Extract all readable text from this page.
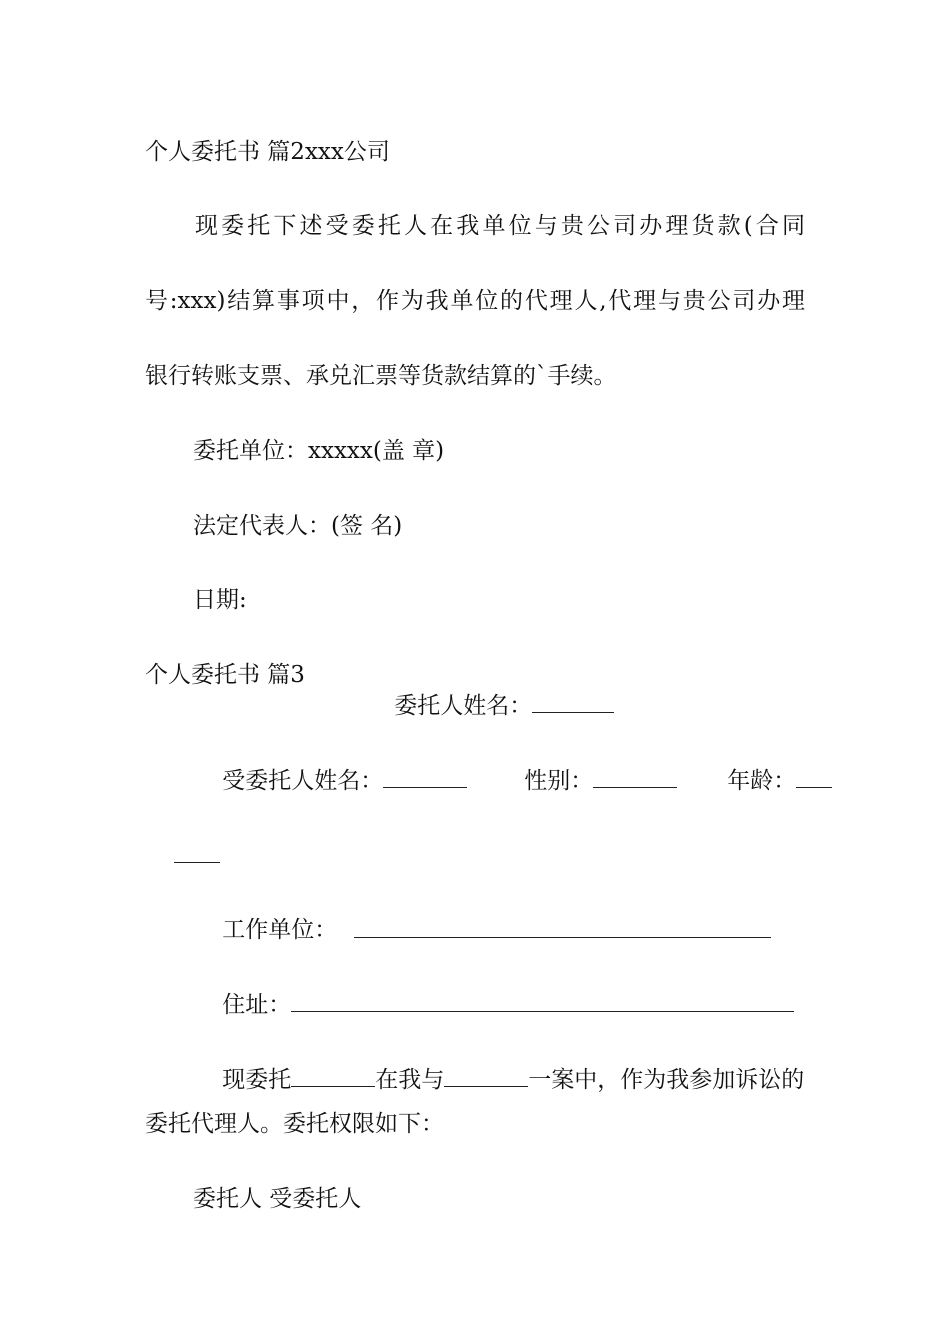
个人委托书 篇2xxx公司
现委托下述受委托人在我单位与贵公司办理货款(合同
号:xxx)结算事项中，作为我单位的代理人,代理与贵公司办理
银行转账支票、承兑汇票等货款结算的`手续。
委托单位：xxxxx(盖 章)
法定代表人：(签 名)
日期:
个人委托书 篇3

委托人姓名：

受委托人姓名：
	性别：
	年龄：

工作单位：

住址：

现委托	在我与	一案中，作为我参加诉讼的

委托代理人。委托权限如下：
委托人 受委托人
